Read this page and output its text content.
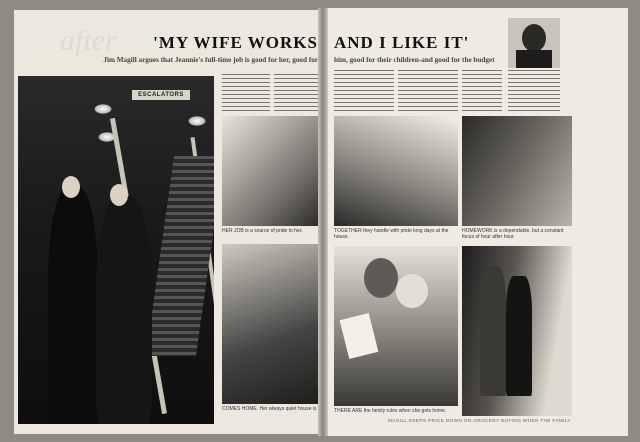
after	'MY WIFE WORKS AND I LIKE IT'
Jim Magill argues that Jeannie's full-time job is good for her, good for him, good for their children-and good for the budget
ESCALATORS
HER JOB is a source of pride to her.
COMES HOME. Her always quiet house is
TOGETHER they handle with pride long days at the house.
HOMEWORK is a dependable, but a constant focus of hour after hour.
THERE ARE the family rules when she gets home.
MAGILL KEEPS PRICE DOWN ON GROCERY BUYING WHEN THE FAMILY
